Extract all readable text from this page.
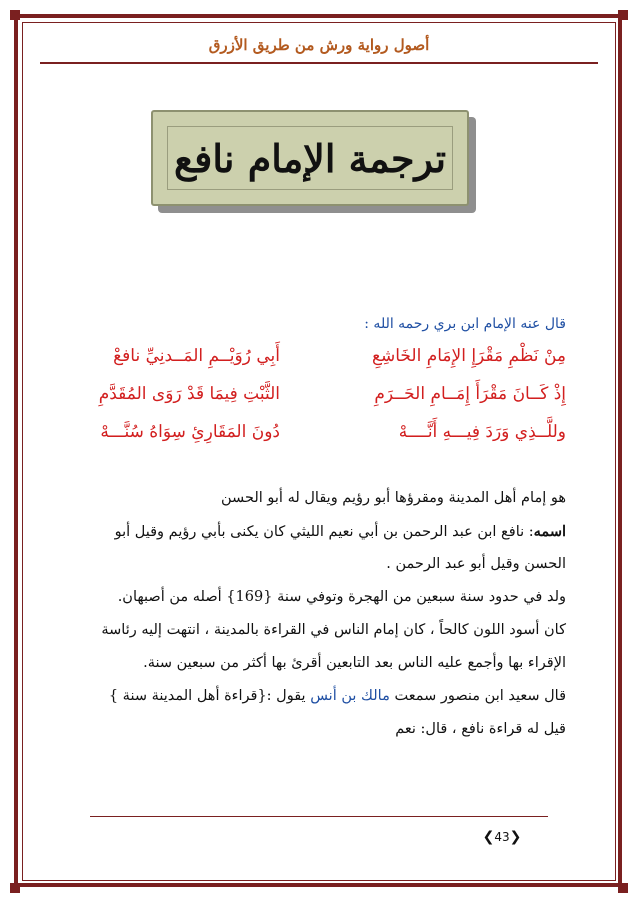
أصول رواية ورش من طريق الأزرق
ترجمة الإمام نافع
قال عنه الإمام ابن بري رحمه الله :
مِنْ نَظْمِ مَقْرَإِ الإِمَامِ الخَاشِعِ
أَبِي رُوَيْــمِ المَــدنِيِّ نافعْ
إِذْ كَــانَ مَقْرَأَ إِمَــامِ الحَــرَمِ
الثَّبْتِ فِيمَا قَدْ رَوَى المُقَدَّمِ
وللَّــذِي وَرَدَ فِيـــهِ أَنَّــــهْ
دُونَ المَقَارِئِ سِوَاهُ سُنَّـــهْ
هو إمام أهل المدينة ومقرؤها أبو رؤيم ويقال له أبو الحسن
اسمه: نافع ابن عبد الرحمن بن أبي نعيم الليثي كان يكنى بأبي رؤيم وقيل أبو
الحسن وقيل أبو عبد الرحمن .
ولد في حدود سنة سبعين من الهجرة وتوفي سنة {169} أصله من أصبهان.
كان أسود اللون كالحاً ، كان إمام الناس في القراءة بالمدينة ، انتهت إليه رئاسة
الإقراء بها وأجمع عليه الناس بعد التابعين أقرئ بها أكثر من سبعين سنة.
قال سعيد ابن منصور سمعت مالك بن أنس يقول :{قراءة أهل المدينة سنة }
قيل له قراءة نافع ، قال: نعم
❮ 43 ❯
